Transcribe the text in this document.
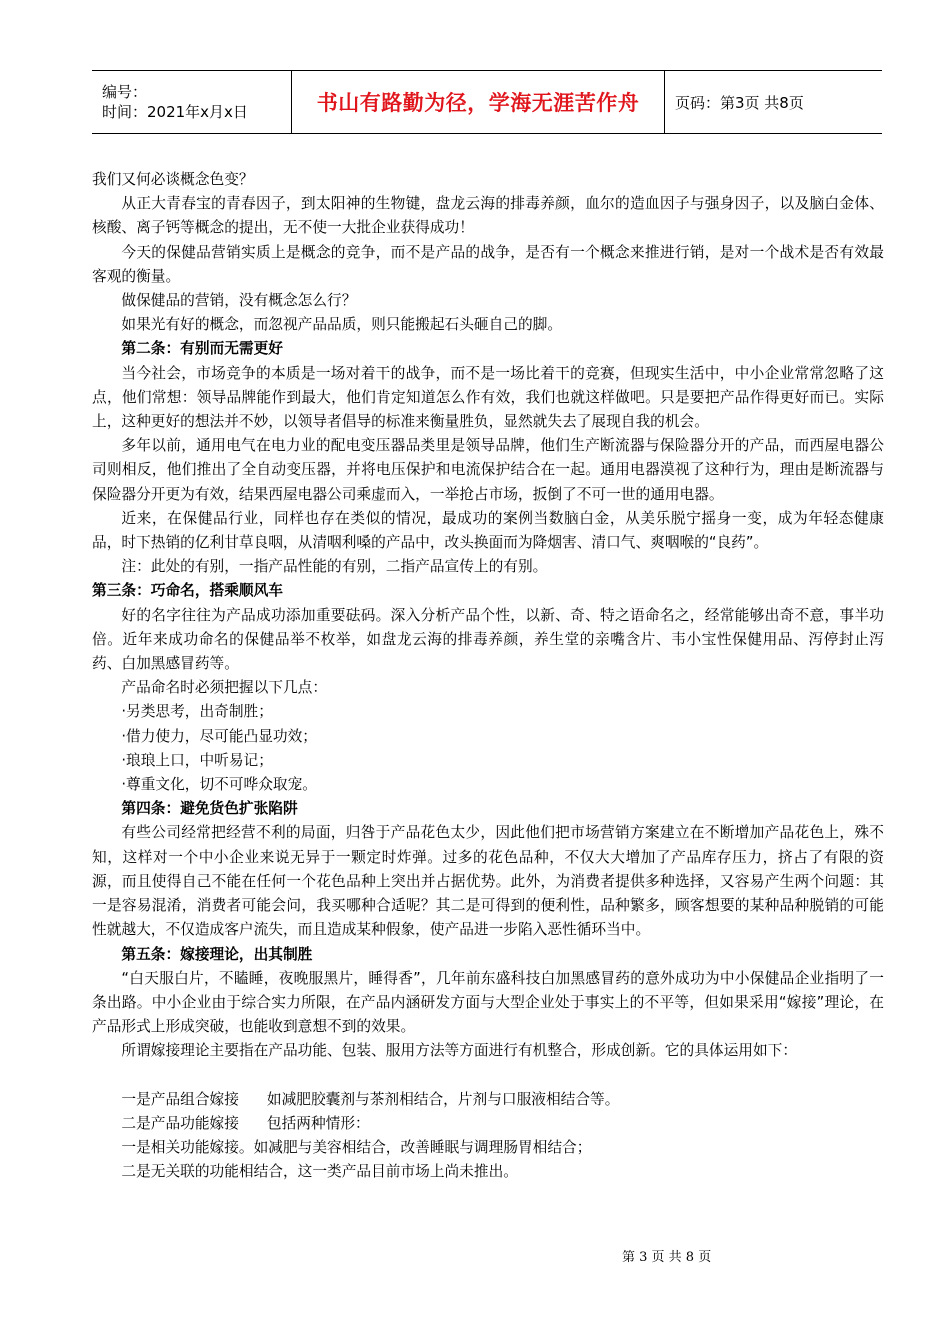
编号：
时间：2021年x月x日	书山有路勤为径，学海无涯苦作舟 页码：第3页 共8页

我们又何必谈概念色变？

从正大青春宝的青春因子，到太阳神的生物键，盘龙云海的排毒养颜，血尔的造血因子与强身因子，以及脑白金体、核酸、离子钙等概念的提出，无不使一大批企业获得成功！

今天的保健品营销实质上是概念的竞争，而不是产品的战争，是否有一个概念来推进行销，是对一个战术是否有效最客观的衡量。

做保健品的营销，没有概念怎么行？

如果光有好的概念，而忽视产品品质，则只能搬起石头砸自己的脚。

第二条：有别而无需更好

当今社会，市场竞争的本质是一场对着干的战争，而不是一场比着干的竞赛，但现实生活中，中小企业常常忽略了这点，他们常想：领导品牌能作到最大，他们肯定知道怎么作有效，我们也就这样做吧。只是要把产品作得更好而已。实际上，这种更好的想法并不妙，以领导者倡导的标准来衡量胜负，显然就失去了展现自我的机会。

多年以前，通用电气在电力业的配电变压器品类里是领导品牌，他们生产断流器与保险器分开的产品，而西屋电器公司则相反，他们推出了全自动变压器，并将电压保护和电流保护结合在一起。通用电器漠视了这种行为，理由是断流器与保险器分开更为有效，结果西屋电器公司乘虚而入，一举抢占市场，扳倒了不可一世的通用电器。

近来，在保健品行业，同样也存在类似的情况，最成功的案例当数脑白金，从美乐脱宁摇身一变，成为年轻态健康品，时下热销的亿利甘草良咽，从清咽利嗓的产品中，改头换面而为降烟害、清口气、爽咽喉的“良药”。

注：此处的有别，一指产品性能的有别，二指产品宣传上的有别。

第三条：巧命名，搭乘顺风车

好的名字往往为产品成功添加重要砝码。深入分析产品个性，以新、奇、特之语命名之，经常能够出奇不意，事半功倍。近年来成功命名的保健品举不枚举，如盘龙云海的排毒养颜，养生堂的亲嘴含片、韦小宝性保健用品、泻停封止泻药、白加黑感冒药等。

产品命名时必须把握以下几点：

·另类思考，出奇制胜；

·借力使力，尽可能凸显功效；

·琅琅上口，中听易记；

·尊重文化，切不可哗众取宠。

第四条：避免货色扩张陷阱

有些公司经常把经营不利的局面，归咎于产品花色太少，因此他们把市场营销方案建立在不断增加产品花色上，殊不知，这样对一个中小企业来说无异于一颗定时炸弹。过多的花色品种，不仅大大增加了产品库存压力，挤占了有限的资源，而且使得自己不能在任何一个花色品种上突出并占据优势。此外，为消费者提供多种选择，又容易产生两个问题：其一是容易混淆，消费者可能会问，我买哪种合适呢？其二是可得到的便利性，品种繁多，顾客想要的某种品种脱销的可能性就越大，不仅造成客户流失，而且造成某种假象，使产品进一步陷入恶性循环当中。

第五条：嫁接理论，出其制胜

“白天服白片，不瞌睡，夜晚服黑片，睡得香”，几年前东盛科技白加黑感冒药的意外成功为中小保健品企业指明了一条出路。中小企业由于综合实力所限，在产品内涵研发方面与大型企业处于事实上的不平等，但如果采用“嫁接”理论，在产品形式上形成突破，也能收到意想不到的效果。

所谓嫁接理论主要指在产品功能、包装、服用方法等方面进行有机整合，形成创新。它的具体运用如下：

一是产品组合嫁接 如减肥胶囊剂与茶剂相结合，片剂与口服液相结合等。

二是产品功能嫁接 包括两种情形：

一是相关功能嫁接。如减肥与美容相结合，改善睡眠与调理肠胃相结合；

二是无关联的功能相结合，这一类产品目前市场上尚未推出。

第 3 页 共 8 页
